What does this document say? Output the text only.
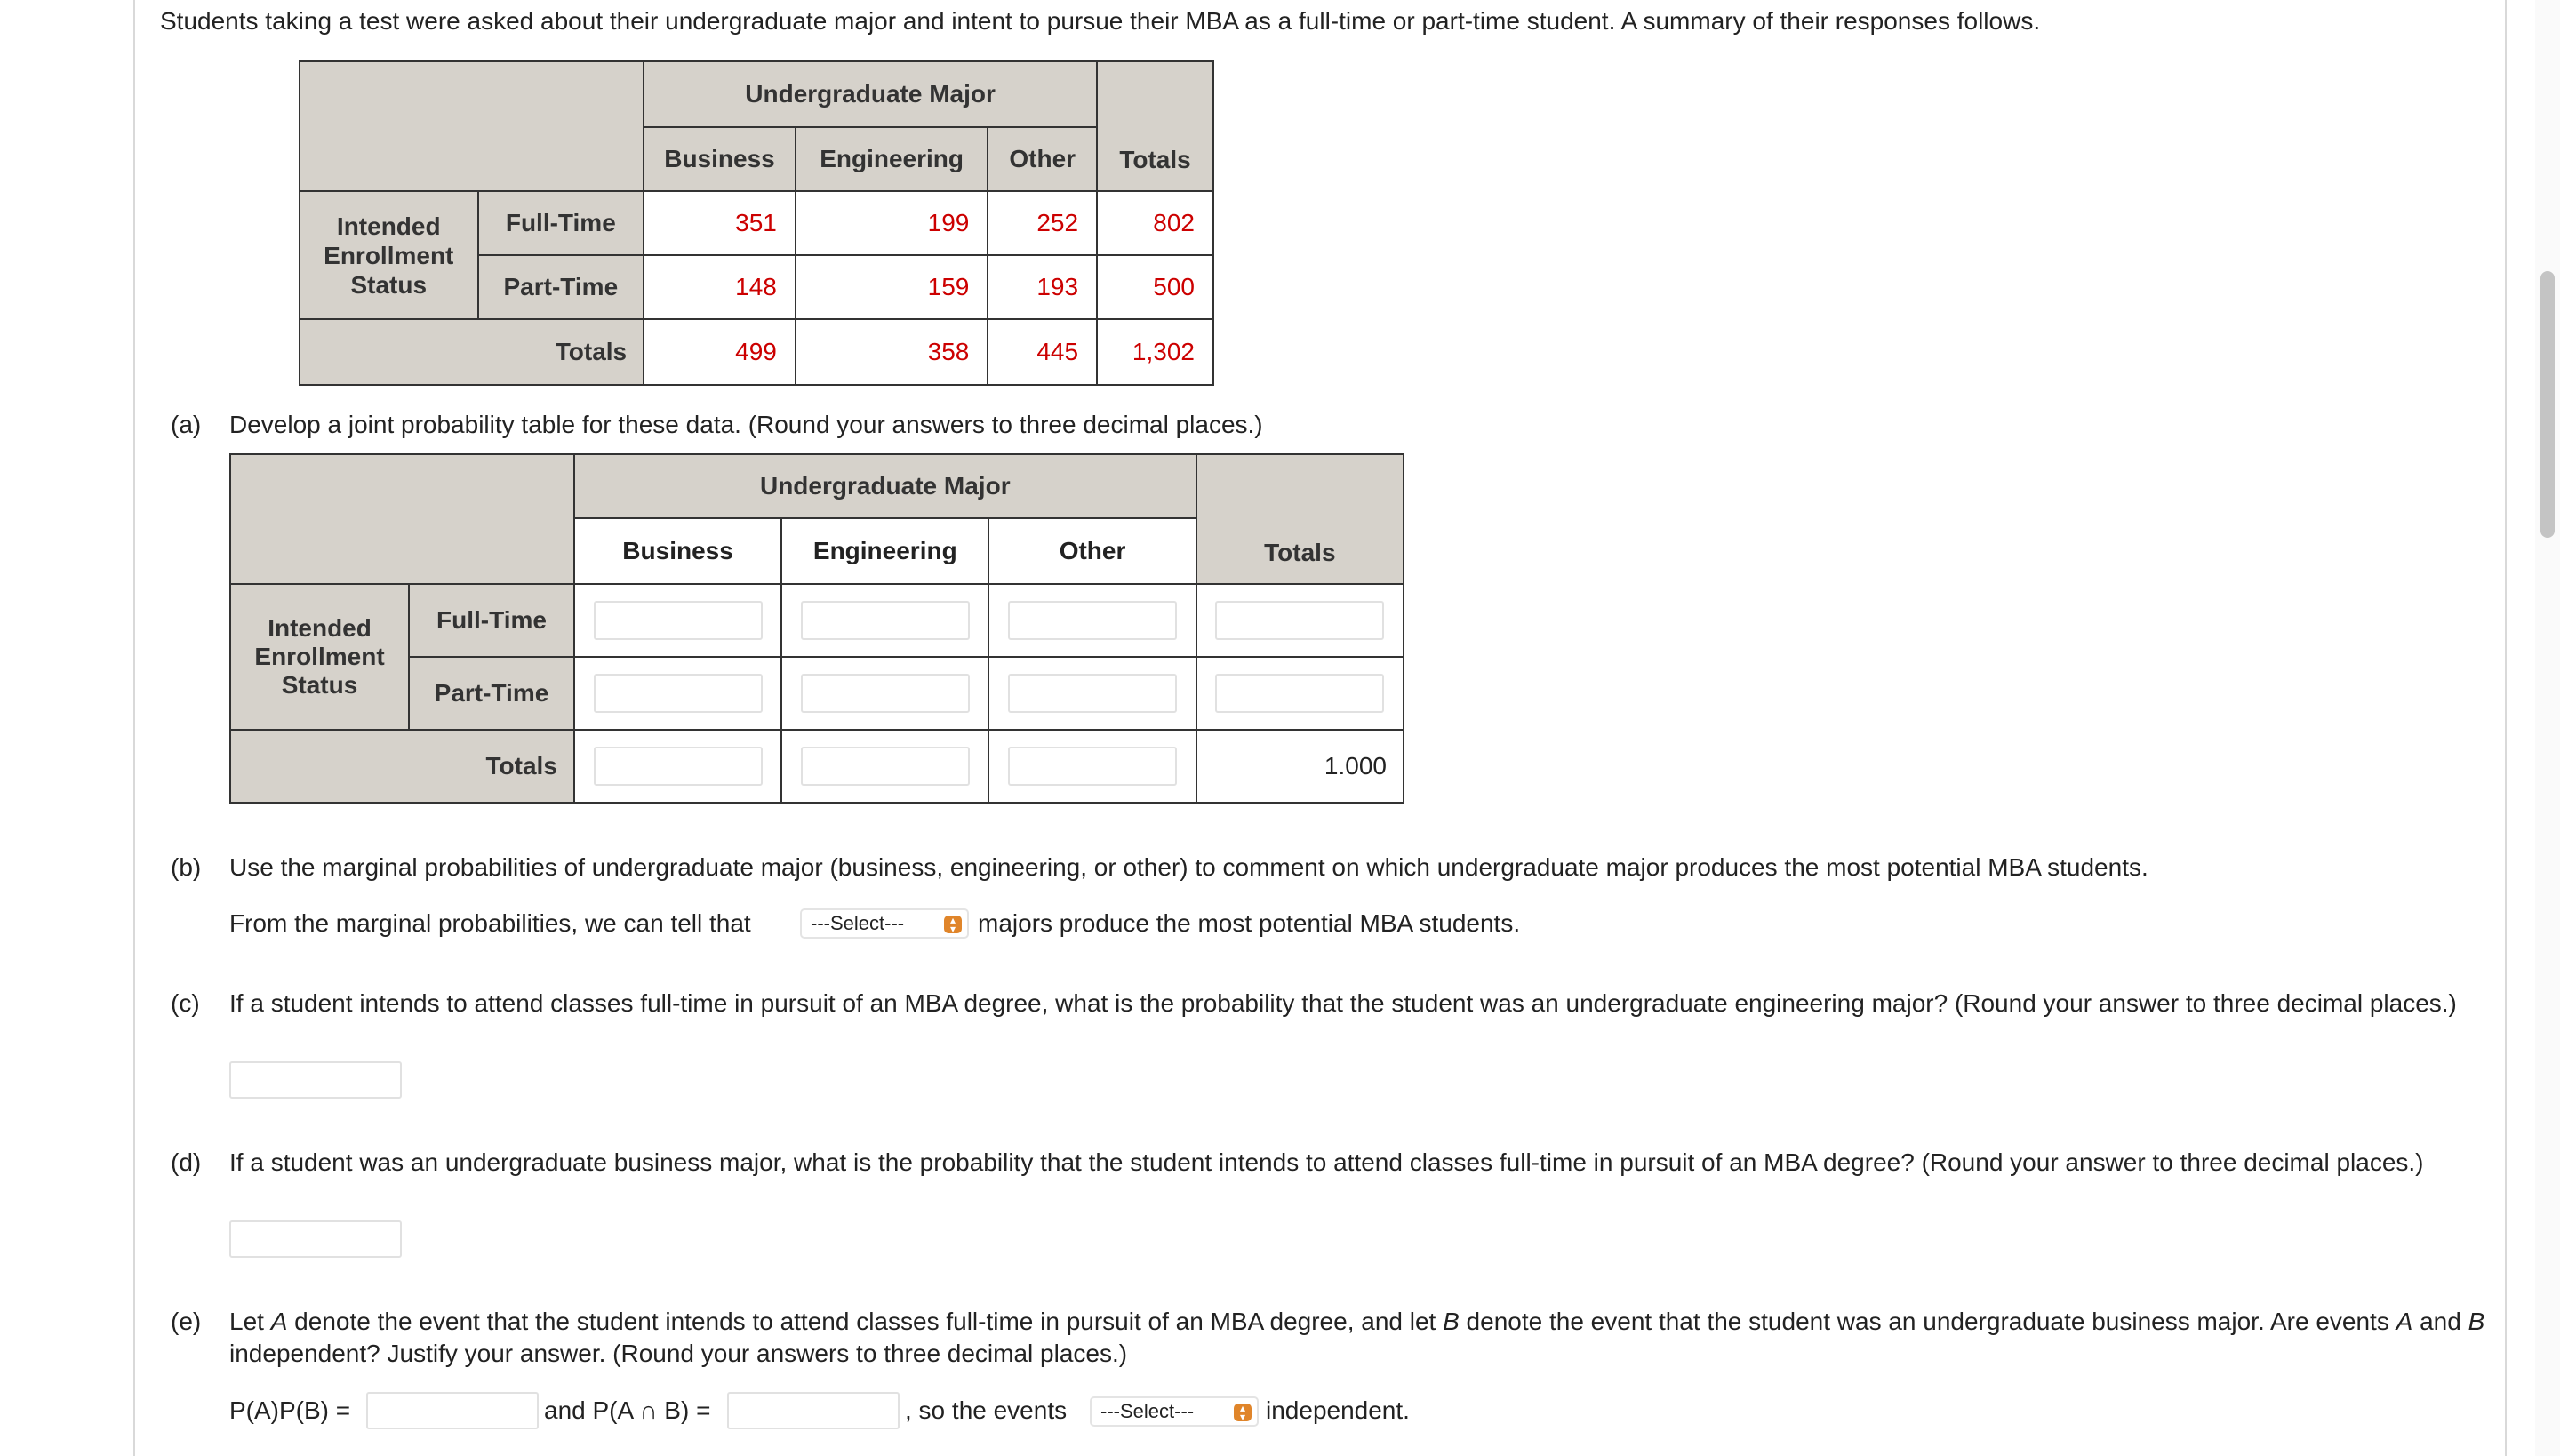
Students taking a test were asked about their undergraduate major and intent to pursue their MBA as a full-time or part-time student. A summary of their responses follows.
		Undergraduate Major			Totals
		Business	Engineering	Other	
Intended Enrollment Status	Full-Time	351	199	252	802
	Part-Time	148	159	193	500
Totals		499	358	445	1,302
(a) Develop a joint probability table for these data. (Round your answers to three decimal places.)
		Undergraduate Major			Totals
		Business	Engineering	Other	
Intended Enrollment Status	Full-Time	

	Part-Time	

Totals					1.000
(b) Use the marginal probabilities of undergraduate major (business, engineering, or other) to comment on which undergraduate major produces the most potential MBA students.
From the marginal probabilities, we can tell that	---Select---	▴
▾ majors produce the most potential MBA students.
(c) If a student intends to attend classes full-time in pursuit of an MBA degree, what is the probability that the student was an undergraduate engineering major? (Round your answer to three decimal places.)
(d) If a student was an undergraduate business major, what is the probability that the student intends to attend classes full-time in pursuit of an MBA degree? (Round your answer to three decimal places.)
(e) Let A denote the event that the student intends to attend classes full-time in pursuit of an MBA degree, and let B denote the event that the student was an undergraduate business major. Are events A and B independent? Justify your answer. (Round your answers to three decimal places.)
P(A)P(B) =	and P(A ∩ B) =	, so the events	---Select---	▴
▾ independent.
